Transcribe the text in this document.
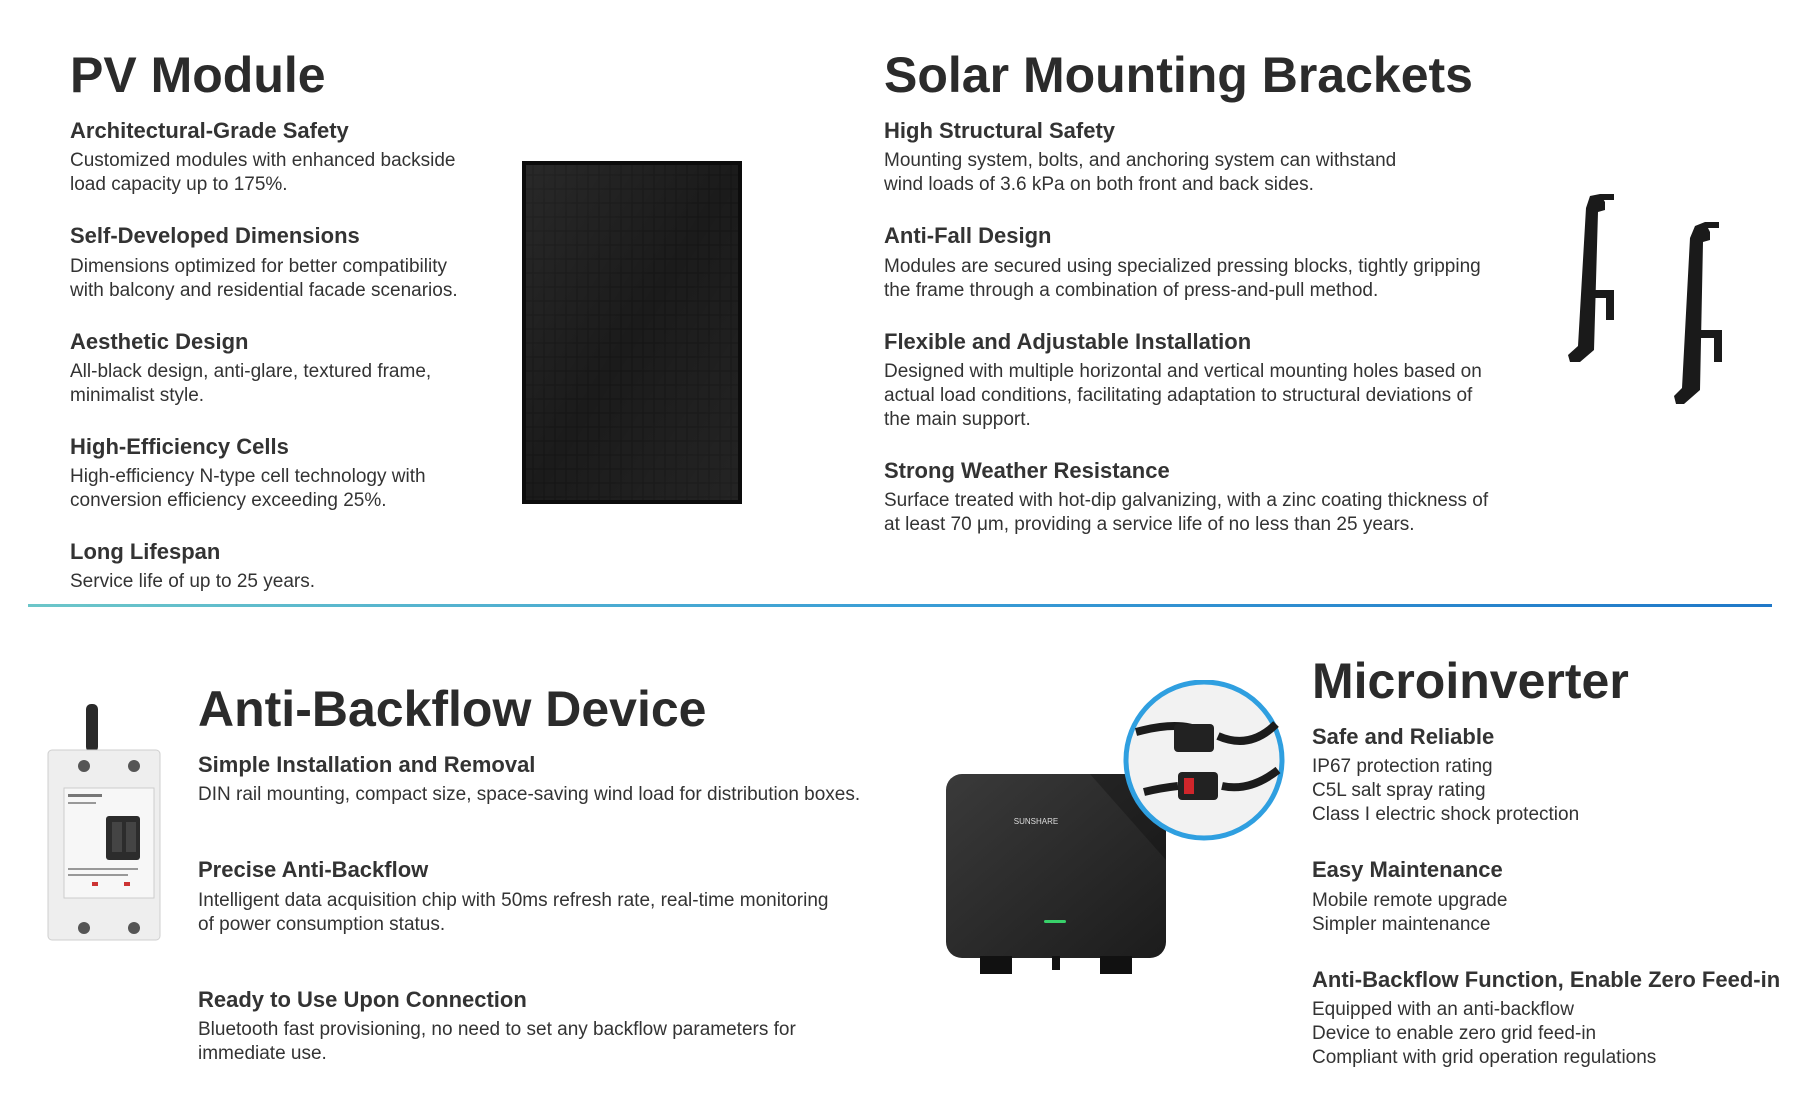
PV Module

Architectural-Grade Safety

Customized modules with enhanced backside
load capacity up to 175%.

Self-Developed Dimensions

Dimensions optimized for better compatibility
with balcony and residential facade scenarios.

Aesthetic Design

All-black design, anti-glare, textured frame,
minimalist style.

High-Efficiency Cells

High-efficiency N-type cell technology with
conversion efficiency exceeding 25%.

Long Lifespan

Service life of up to 25 years.

Solar Mounting Brackets

High Structural Safety

Mounting system, bolts, and anchoring system can withstand
wind loads of 3.6 kPa on both front and back sides.

Anti-Fall Design

Modules are secured using specialized pressing blocks, tightly gripping
the frame through a combination of press-and-pull method.

Flexible and Adjustable Installation

Designed with multiple horizontal and vertical mounting holes based on
actual load conditions, facilitating adaptation to structural deviations of
the main support.

Strong Weather Resistance

Surface treated with hot-dip galvanizing, with a zinc coating thickness of
at least 70 μm, providing a service life of no less than 25 years.

Anti-Backflow Device

Simple Installation and Removal

DIN rail mounting, compact size, space-saving wind load for distribution boxes.

Precise Anti-Backflow

Intelligent data acquisition chip with 50ms refresh rate, real-time monitoring
of power consumption status.

Ready to Use Upon Connection

Bluetooth fast provisioning, no need to set any backflow parameters for
immediate use.

SUNSHARE
Microinverter

Safe and Reliable

IP67 protection rating
C5L salt spray rating
Class I electric shock protection

Easy Maintenance

Mobile remote upgrade
Simpler maintenance

Anti-Backflow Function, Enable Zero Feed-in

Equipped with an anti-backflow
Device to enable zero grid feed-in
Compliant with grid operation regulations
